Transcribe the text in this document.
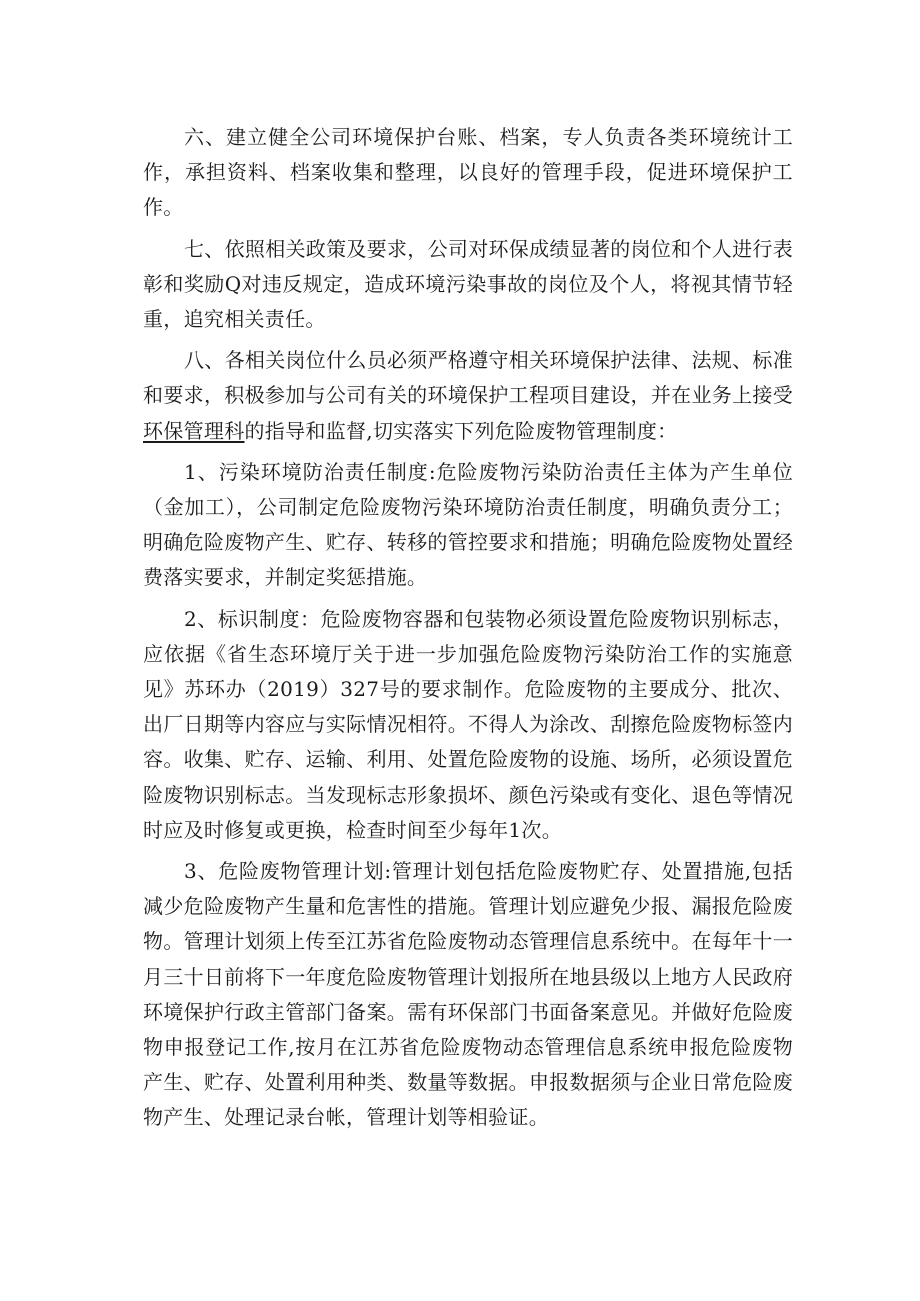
六、建立健全公司环境保护台账、档案，专人负责各类环境统计工作，承担资料、档案收集和整理，以良好的管理手段，促进环境保护工作。

七、依照相关政策及要求，公司对环保成绩显著的岗位和个人进行表彰和奖励Q对违反规定，造成环境污染事故的岗位及个人，将视其情节轻重，追究相关责任。

八、各相关岗位什么员必须严格遵守相关环境保护法律、法规、标准和要求，积极参加与公司有关的环境保护工程项目建设，并在业务上接受环保管理科的指导和监督,切实落实下列危险废物管理制度：

1、污染环境防治责任制度:危险废物污染防治责任主体为产生单位（金加工），公司制定危险废物污染环境防治责任制度，明确负责分工；明确危险废物产生、贮存、转移的管控要求和措施；明确危险废物处置经费落实要求，并制定奖惩措施。

2、标识制度：危险废物容器和包装物必须设置危险废物识别标志，应依据《省生态环境厅关于进一步加强危险废物污染防治工作的实施意见》苏环办（2019）327号的要求制作。危险废物的主要成分、批次、出厂日期等内容应与实际情况相符。不得人为涂改、刮擦危险废物标签内容。收集、贮存、运输、利用、处置危险废物的设施、场所，必须设置危险废物识别标志。当发现标志形象损坏、颜色污染或有变化、退色等情况时应及时修复或更换，检查时间至少每年1次。

3、危险废物管理计划:管理计划包括危险废物贮存、处置措施,包括减少危险废物产生量和危害性的措施。管理计划应避免少报、漏报危险废物。管理计划须上传至江苏省危险废物动态管理信息系统中。在每年十一月三十日前将下一年度危险废物管理计划报所在地县级以上地方人民政府环境保护行政主管部门备案。需有环保部门书面备案意见。并做好危险废物申报登记工作,按月在江苏省危险废物动态管理信息系统申报危险废物产生、贮存、处置利用种类、数量等数据。申报数据须与企业日常危险废物产生、处理记录台帐，管理计划等相验证。
